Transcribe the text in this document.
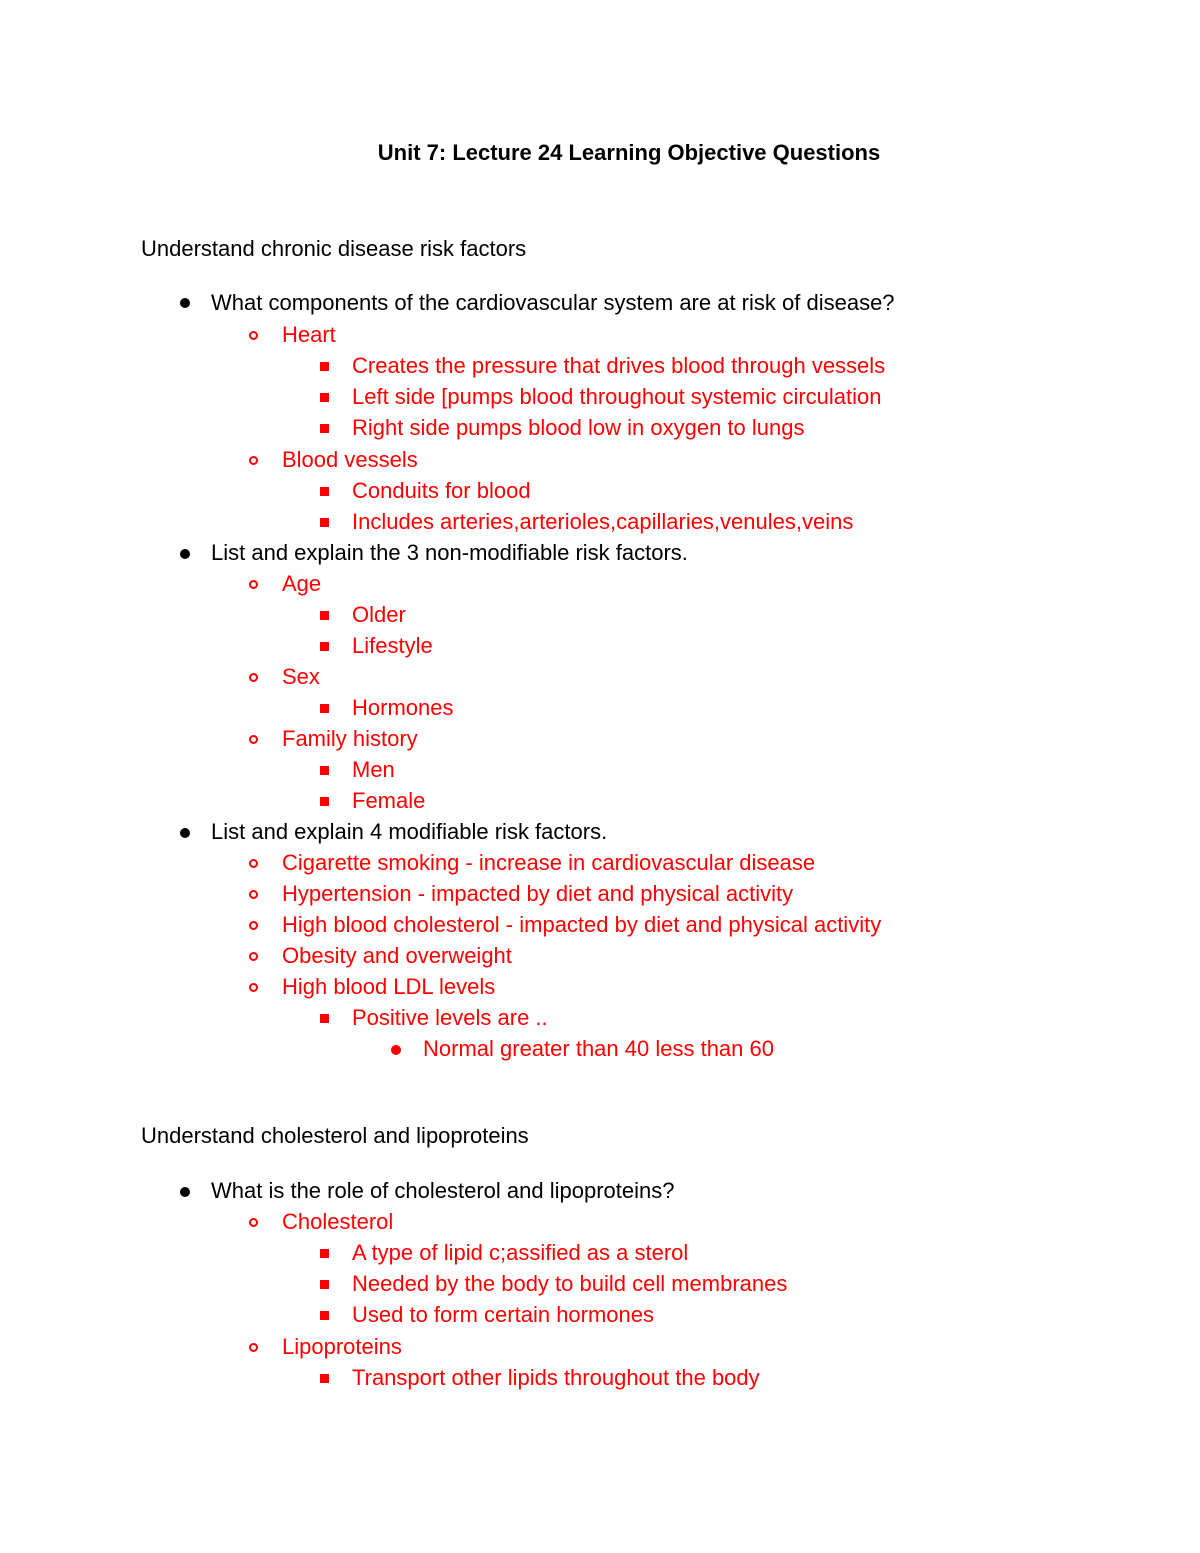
Unit 7: Lecture 24 Learning Objective Questions
Understand chronic disease risk factors
What components of the cardiovascular system are at risk of disease?
Heart
Creates the pressure that drives blood through vessels
Left side [pumps blood throughout systemic circulation
Right side pumps blood low in oxygen to lungs
Blood vessels
Conduits for blood
Includes arteries,arterioles,capillaries,venules,veins
List and explain the 3 non-modifiable risk factors.
Age
Older
Lifestyle
Sex
Hormones
Family history
Men
Female
List and explain 4 modifiable risk factors.
Cigarette smoking - increase in cardiovascular disease
Hypertension - impacted by diet and physical activity
High blood cholesterol - impacted by diet and physical activity
Obesity and overweight
High blood LDL levels
Positive levels are ..
Normal greater than 40 less than 60
Understand cholesterol and lipoproteins
What is the role of cholesterol and lipoproteins?
Cholesterol
A type of lipid c;assified as a sterol
Needed by the body to build cell membranes
Used to form certain hormones
Lipoproteins
Transport other lipids throughout the body
